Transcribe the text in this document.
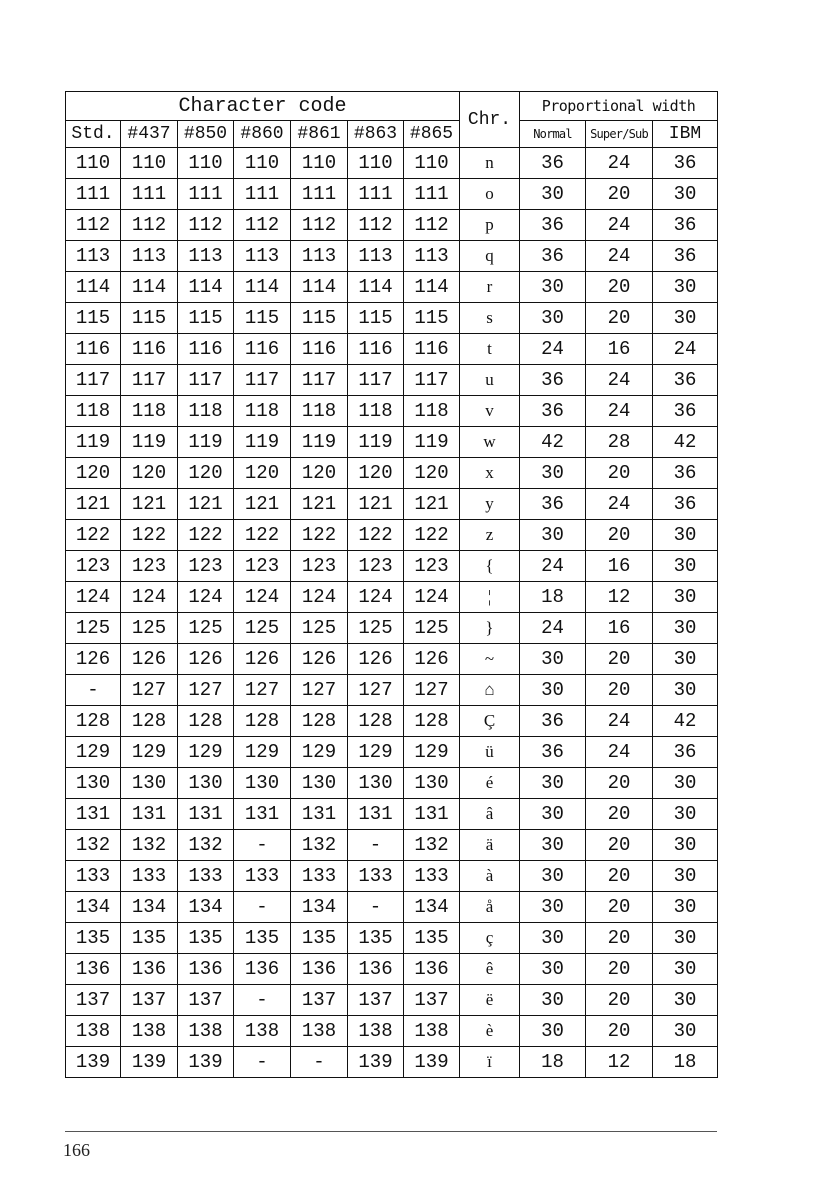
Character code							Chr.	Proportional width		
Std.	#437	#850	#860	#861	#863	#865		Normal	Super/Sub	IBM
110	110	110	110	110	110	110	n	36	24	36
111	111	111	111	111	111	111	o	30	20	30
112	112	112	112	112	112	112	p	36	24	36
113	113	113	113	113	113	113	q	36	24	36
114	114	114	114	114	114	114	r	30	20	30
115	115	115	115	115	115	115	s	30	20	30
116	116	116	116	116	116	116	t	24	16	24
117	117	117	117	117	117	117	u	36	24	36
118	118	118	118	118	118	118	v	36	24	36
119	119	119	119	119	119	119	w	42	28	42
120	120	120	120	120	120	120	x	30	20	36
121	121	121	121	121	121	121	y	36	24	36
122	122	122	122	122	122	122	z	30	20	30
123	123	123	123	123	123	123	{	24	16	30
124	124	124	124	124	124	124	¦	18	12	30
125	125	125	125	125	125	125	}	24	16	30
126	126	126	126	126	126	126	~	30	20	30
-	127	127	127	127	127	127	⌂	30	20	30
128	128	128	128	128	128	128	Ç	36	24	42
129	129	129	129	129	129	129	ü	36	24	36
130	130	130	130	130	130	130	é	30	20	30
131	131	131	131	131	131	131	â	30	20	30
132	132	132	-	132	-	132	ä	30	20	30
133	133	133	133	133	133	133	à	30	20	30
134	134	134	-	134	-	134	å	30	20	30
135	135	135	135	135	135	135	ç	30	20	30
136	136	136	136	136	136	136	ê	30	20	30
137	137	137	-	137	137	137	ë	30	20	30
138	138	138	138	138	138	138	è	30	20	30
139	139	139	-	-	139	139	ï	18	12	18
166
